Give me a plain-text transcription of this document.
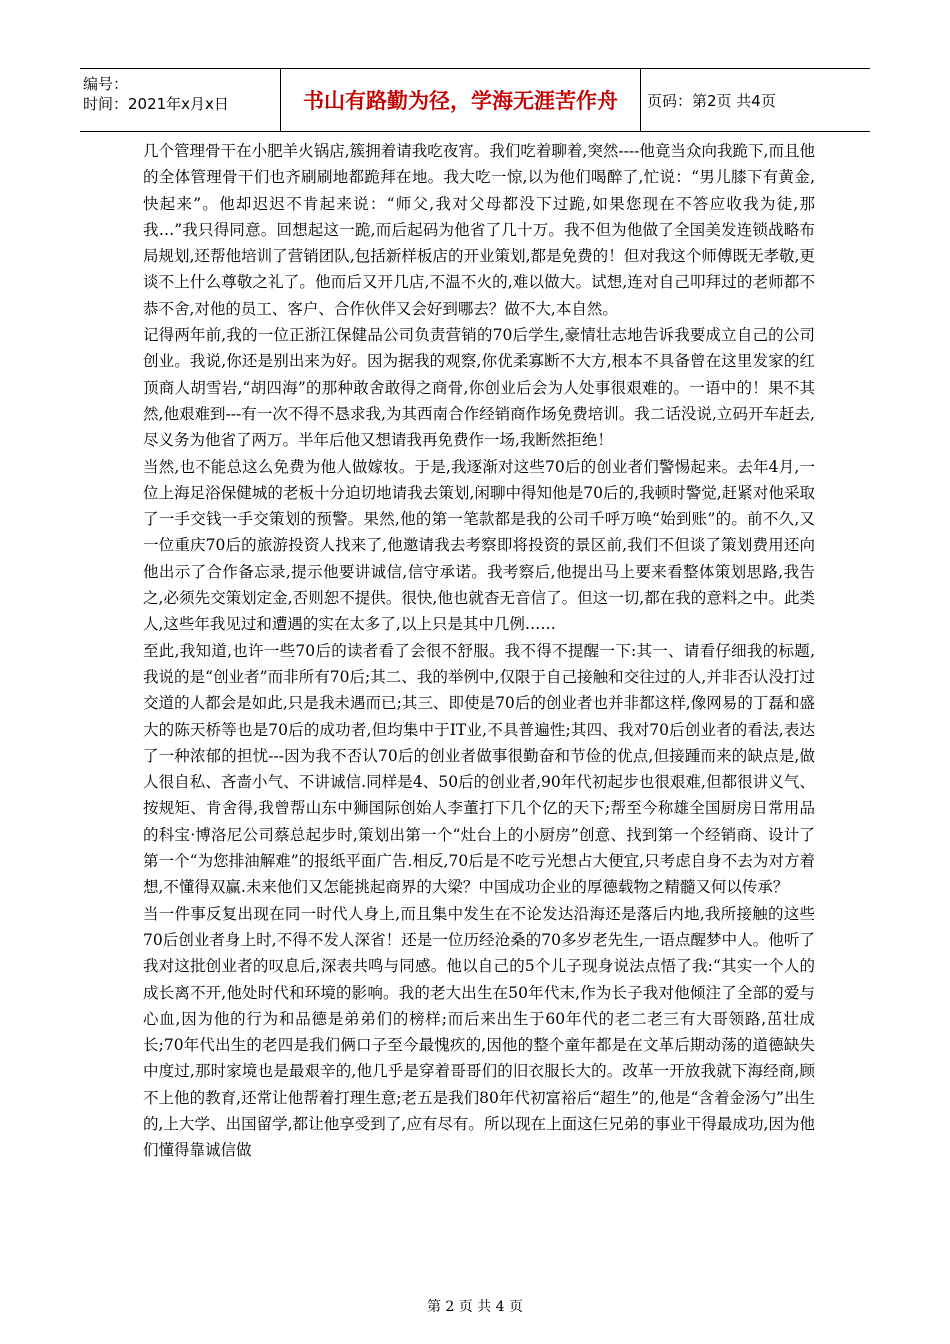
编号：
时间：2021年x月x日	书山有路勤为径，学海无涯苦作舟	页码：第2页 共4页

几个管理骨干在小肥羊火锅店,簇拥着请我吃夜宵。我们吃着聊着,突然----他竟当众向我跪下,而且他的全体管理骨干们也齐刷刷地都跪拜在地。我大吃一惊,以为他们喝醉了,忙说：“男儿膝下有黄金,快起来”。他却迟迟不肯起来说：“师父,我对父母都没下过跪,如果您现在不答应收我为徒,那我…”我只得同意。回想起这一跪,而后起码为他省了几十万。我不但为他做了全国美发连锁战略布局规划,还帮他培训了营销团队,包括新样板店的开业策划,都是免费的！但对我这个师傅既无孝敬,更谈不上什么尊敬之礼了。他而后又开几店,不温不火的,难以做大。试想,连对自己叩拜过的老师都不恭不舍,对他的员工、客户、合作伙伴又会好到哪去？做不大,本自然。

记得两年前,我的一位正浙江保健品公司负责营销的70后学生,豪情壮志地告诉我要成立自己的公司创业。我说,你还是别出来为好。因为据我的观察,你优柔寡断不大方,根本不具备曾在这里发家的红顶商人胡雪岩,“胡四海”的那种敢舍敢得之商骨,你创业后会为人处事很艰难的。一语中的！果不其然,他艰难到---有一次不得不恳求我,为其西南合作经销商作场免费培训。我二话没说,立码开车赶去,尽义务为他省了两万。半年后他又想请我再免费作一场,我断然拒绝！

当然,也不能总这么免费为他人做嫁妆。于是,我逐渐对这些70后的创业者们警惕起来。去年4月,一位上海足浴保健城的老板十分迫切地请我去策划,闲聊中得知他是70后的,我顿时警觉,赶紧对他采取了一手交钱一手交策划的预警。果然,他的第一笔款都是我的公司千呼万唤“始到账”的。前不久,又一位重庆70后的旅游投资人找来了,他邀请我去考察即将投资的景区前,我们不但谈了策划费用还向他出示了合作备忘录,提示他要讲诚信,信守承诺。我考察后,他提出马上要来看整体策划思路,我告之,必须先交策划定金,否则恕不提供。很快,他也就杳无音信了。但这一切,都在我的意料之中。此类人,这些年我见过和遭遇的实在太多了,以上只是其中几例……

至此,我知道,也许一些70后的读者看了会很不舒服。我不得不提醒一下:其一、请看仔细我的标题,我说的是“创业者”而非所有70后;其二、我的举例中,仅限于自己接触和交往过的人,并非否认没打过交道的人都会是如此,只是我未遇而已;其三、即使是70后的创业者也并非都这样,像网易的丁磊和盛大的陈天桥等也是70后的成功者,但均集中于IT业,不具普遍性;其四、我对70后创业者的看法,表达了一种浓郁的担忧---因为我不否认70后的创业者做事很勤奋和节俭的优点,但接踵而来的缺点是,做人很自私、吝啬小气、不讲诚信.同样是4、50后的创业者,90年代初起步也很艰难,但都很讲义气、按规矩、肯舍得,我曾帮山东中狮国际创始人李董打下几个亿的天下;帮至今称雄全国厨房日常用品的科宝·博洛尼公司蔡总起步时,策划出第一个“灶台上的小厨房”创意、找到第一个经销商、设计了第一个“为您排油解难”的报纸平面广告.相反,70后是不吃亏光想占大便宜,只考虑自身不去为对方着想,不懂得双赢.未来他们又怎能挑起商界的大梁？中国成功企业的厚德载物之精髓又何以传承？

当一件事反复出现在同一时代人身上,而且集中发生在不论发达沿海还是落后内地,我所接触的这些70后创业者身上时,不得不发人深省！还是一位历经沧桑的70多岁老先生,一语点醒梦中人。他听了我对这批创业者的叹息后,深表共鸣与同感。他以自己的5个儿子现身说法点悟了我:“其实一个人的成长离不开,他处时代和环境的影响。我的老大出生在50年代末,作为长子我对他倾注了全部的爱与心血,因为他的行为和品德是弟弟们的榜样;而后来出生于60年代的老二老三有大哥领路,茁壮成长;70年代出生的老四是我们俩口子至今最愧疚的,因他的整个童年都是在文革后期动荡的道德缺失中度过,那时家境也是最艰辛的,他几乎是穿着哥哥们的旧衣服长大的。改革一开放我就下海经商,顾不上他的教育,还常让他帮着打理生意;老五是我们80年代初富裕后“超生”的,他是“含着金汤勺”出生的,上大学、出国留学,都让他享受到了,应有尽有。所以现在上面这仨兄弟的事业干得最成功,因为他们懂得靠诚信做

第 2 页 共 4 页
